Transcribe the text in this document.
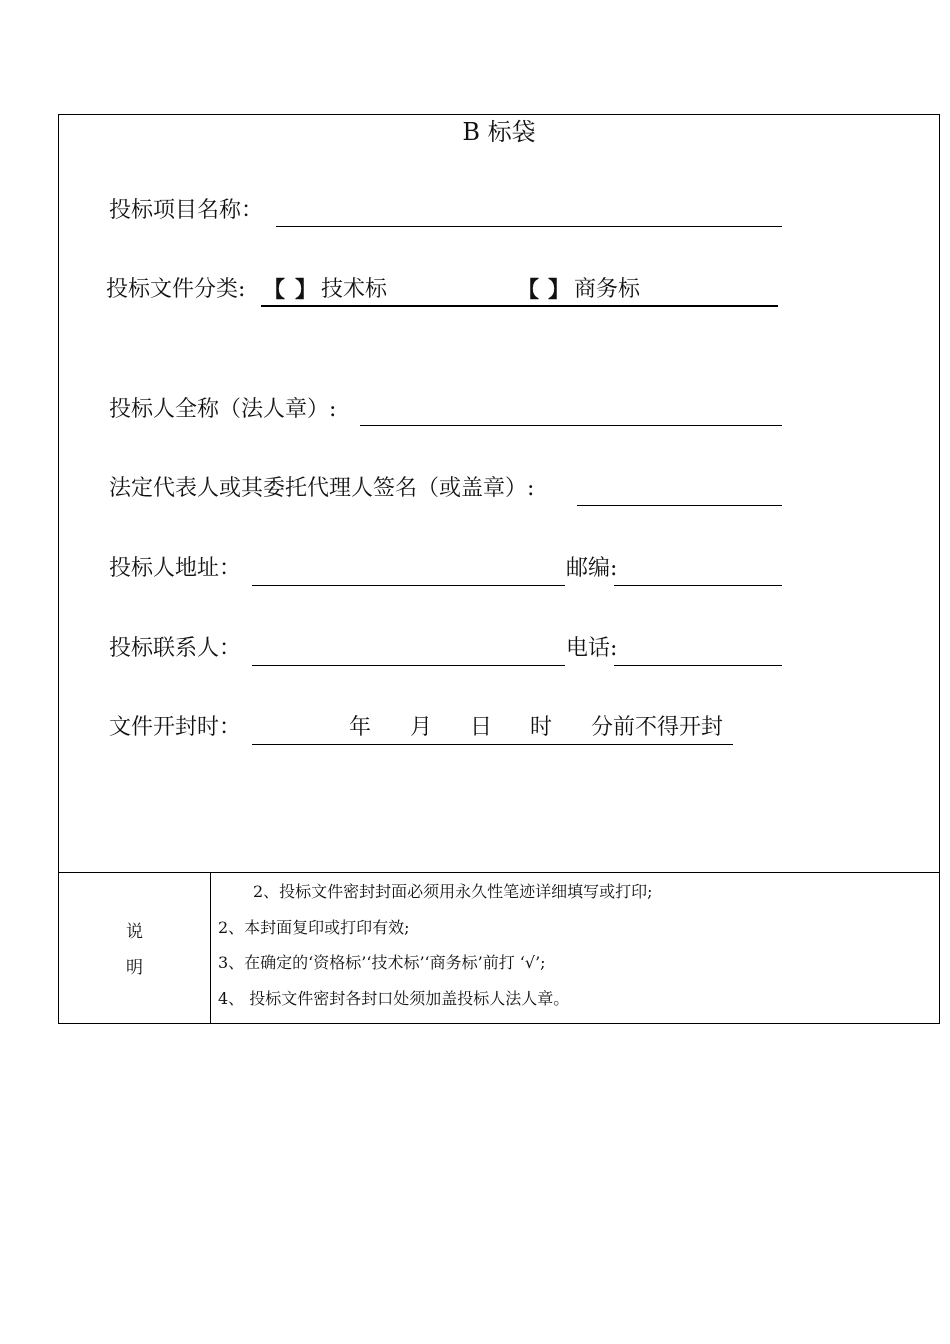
B 标袋
投标项目名称：
投标文件分类: 【 】 技术标	【 】 商务标
投标人全称（法人章）:
法定代表人或其委托代理人签名（或盖章）:
投标人地址：	邮编:
投标联系人：	电话:
文件开封时：	年 月 日 时 分前不得开封
说
明
2、投标文件密封封面必须用永久性笔迹详细填写或打印;
2、本封面复印或打印有效;
3、在确定的‘资格标’‘技术标’‘商务标’前打 ‘√’;
4、 投标文件密封各封口处须加盖投标人法人章。
